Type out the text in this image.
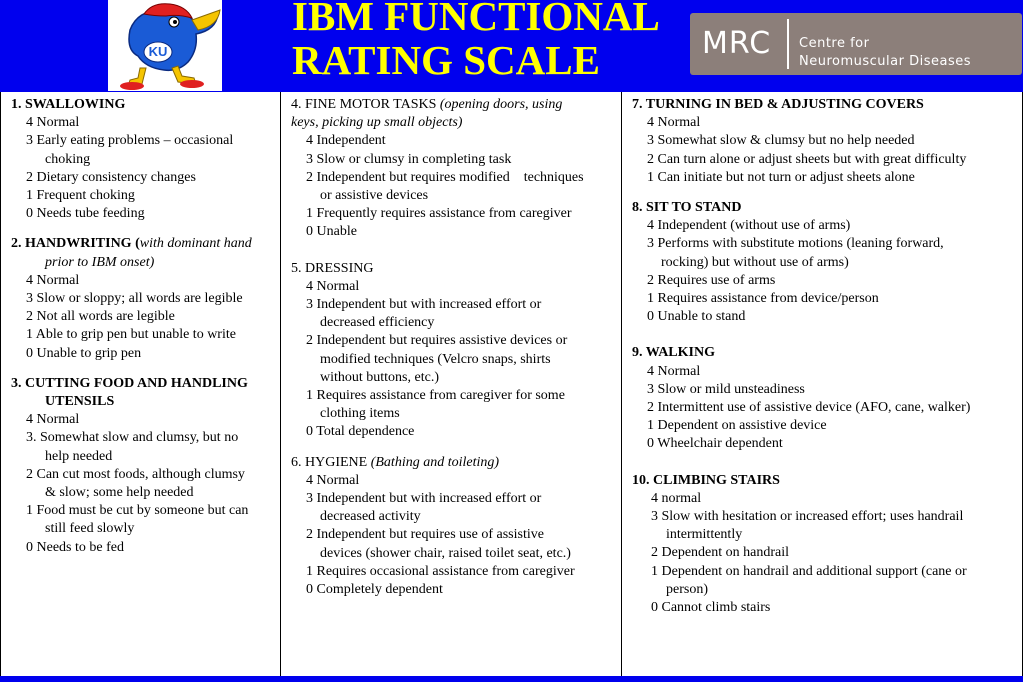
KU
IBM FUNCTIONAL
RATING SCALE	MRC Centre for
Neuromuscular Diseases
1. SWALLOWING
4 Normal
3 Early eating problems – occasional
choking
2 Dietary consistency changes
1 Frequent choking
0 Needs tube feeding
2. HANDWRITING (with dominant hand
prior to IBM onset)
4 Normal
3 Slow or sloppy; all words are legible
2 Not all words are legible
1 Able to grip pen but unable to write
0 Unable to grip pen
3. CUTTING FOOD AND HANDLING
UTENSILS
4 Normal
3. Somewhat slow and clumsy, but no
help needed
2 Can cut most foods, although clumsy
& slow; some help needed
1 Food must be cut by someone but can
still feed slowly
0 Needs to be fed
4. FINE MOTOR TASKS (opening doors, using
keys, picking up small objects)
4 Independent
3 Slow or clumsy in completing task
2 Independent but requires modified    techniques
or assistive devices
1 Frequently requires assistance from caregiver
0 Unable
5. DRESSING
4 Normal
3 Independent but with increased effort or
decreased efficiency
2 Independent but requires assistive devices or
modified techniques (Velcro snaps, shirts
without buttons, etc.)
1 Requires assistance from caregiver for some
clothing items
0 Total dependence
6. HYGIENE (Bathing and toileting)
4 Normal
3 Independent but with increased effort or
decreased activity
2 Independent but requires use of assistive
devices (shower chair, raised toilet seat, etc.)
1 Requires occasional assistance from caregiver
0 Completely dependent
7. TURNING IN BED & ADJUSTING COVERS
4 Normal
3 Somewhat slow & clumsy but no help needed
2 Can turn alone or adjust sheets but with great difficulty
1 Can initiate but not turn or adjust sheets alone
8. SIT TO STAND
4 Independent (without use of arms)
3 Performs with substitute motions (leaning forward,
rocking) but without use of arms)
2 Requires use of arms
1 Requires assistance from device/person
0 Unable to stand
9. WALKING
4 Normal
3 Slow or mild unsteadiness
2 Intermittent use of assistive device (AFO, cane, walker)
1 Dependent on assistive device
0 Wheelchair dependent
10. CLIMBING STAIRS
4 normal
3 Slow with hesitation or increased effort; uses handrail
intermittently
2 Dependent on handrail
1 Dependent on handrail and additional support (cane or
person)
0 Cannot climb stairs
